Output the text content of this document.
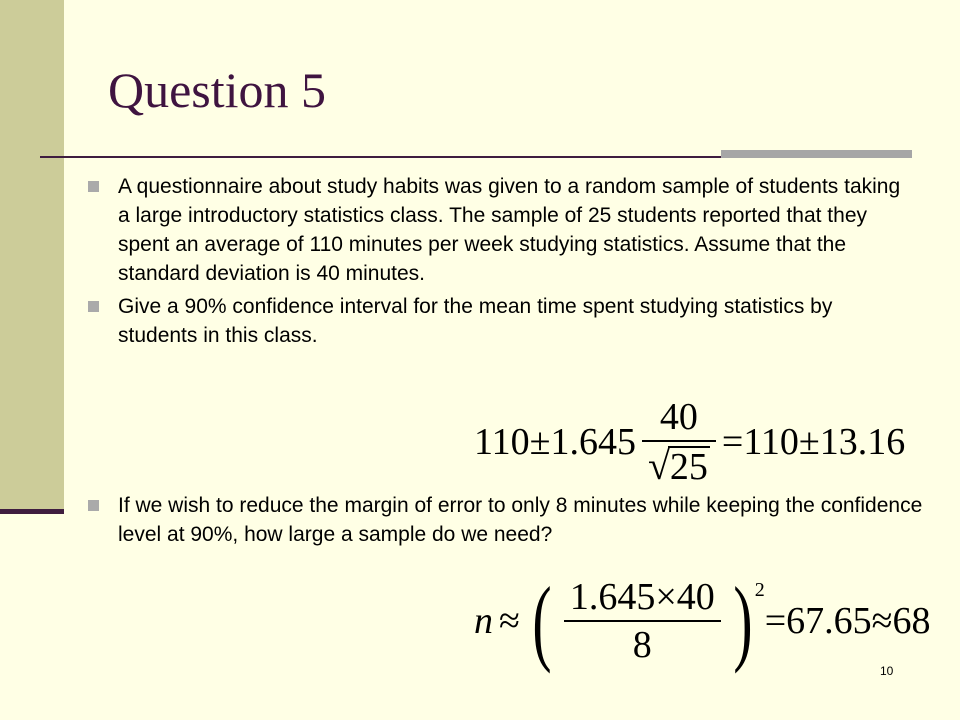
Question 5
A questionnaire about study habits was given to a random sample of students taking a large introductory statistics class. The sample of 25 students reported that they spent an average of 110 minutes per week studying statistics. Assume that the standard deviation is 40 minutes.
Give a 90% confidence interval for the mean time spent studying statistics by students in this class.
$110\pm 1.645 \frac{40}{√ 25} =110\pm 13.16$
If we wish to reduce the margin of error to only 8 minutes while keeping the confidence level at 90%, how large a sample do we need?
n ≈ ( $\frac{1.645\times 40}{8}$ ) 2
=67.65≈68
10
